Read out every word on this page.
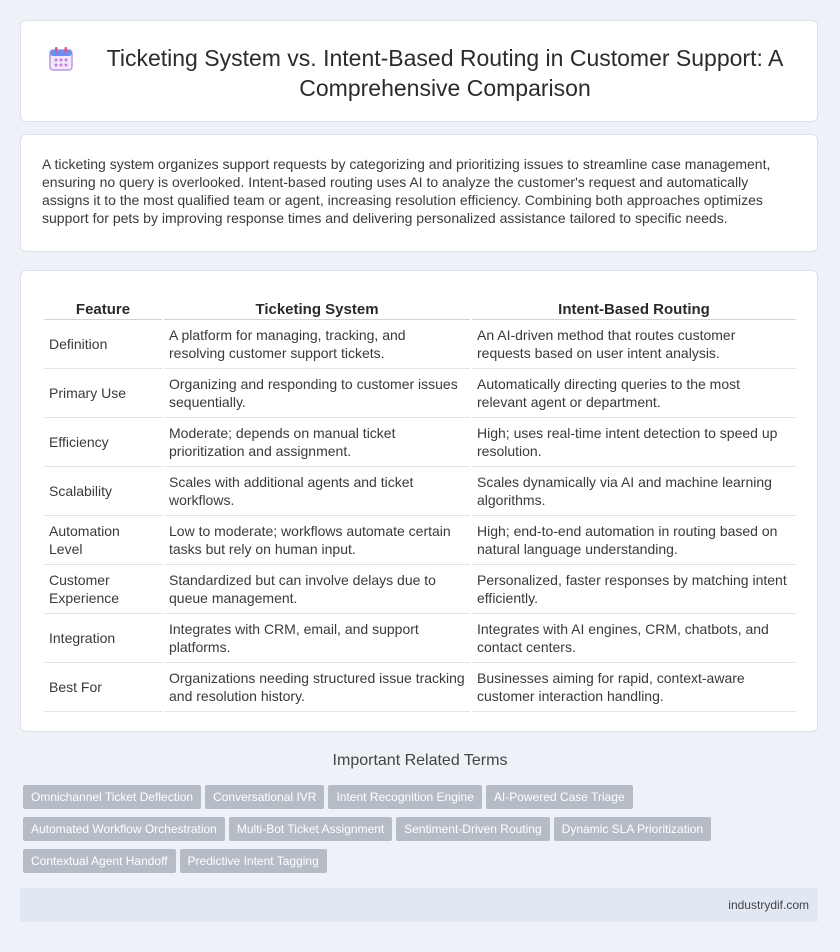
Ticketing System vs. Intent-Based Routing in Customer Support: A Comprehensive Comparison

A ticketing system organizes support requests by categorizing and prioritizing issues to streamline case management, ensuring no query is overlooked. Intent-based routing uses AI to analyze the customer's request and automatically assigns it to the most qualified team or agent, increasing resolution efficiency. Combining both approaches optimizes support for pets by improving response times and delivering personalized assistance tailored to specific needs.

Feature	Ticketing System	Intent-Based Routing
Definition	A platform for managing, tracking, and resolving customer support tickets.	An AI-driven method that routes customer requests based on user intent analysis.
Primary Use	Organizing and responding to customer issues sequentially.	Automatically directing queries to the most relevant agent or department.
Efficiency	Moderate; depends on manual ticket prioritization and assignment.	High; uses real-time intent detection to speed up resolution.
Scalability	Scales with additional agents and ticket workflows.	Scales dynamically via AI and machine learning algorithms.
Automation Level	Low to moderate; workflows automate certain tasks but rely on human input.	High; end-to-end automation in routing based on natural language understanding.
Customer Experience	Standardized but can involve delays due to queue management.	Personalized, faster responses by matching intent efficiently.
Integration	Integrates with CRM, email, and support platforms.	Integrates with AI engines, CRM, chatbots, and contact centers.
Best For	Organizations needing structured issue tracking and resolution history.	Businesses aiming for rapid, context-aware customer interaction handling.
Important Related Terms
Omnichannel Ticket Deflection Conversational IVR Intent Recognition Engine AI-Powered Case Triage
Automated Workflow Orchestration Multi-Bot Ticket Assignment Sentiment-Driven Routing Dynamic SLA Prioritization
Contextual Agent Handoff Predictive Intent Tagging
industrydif.com
